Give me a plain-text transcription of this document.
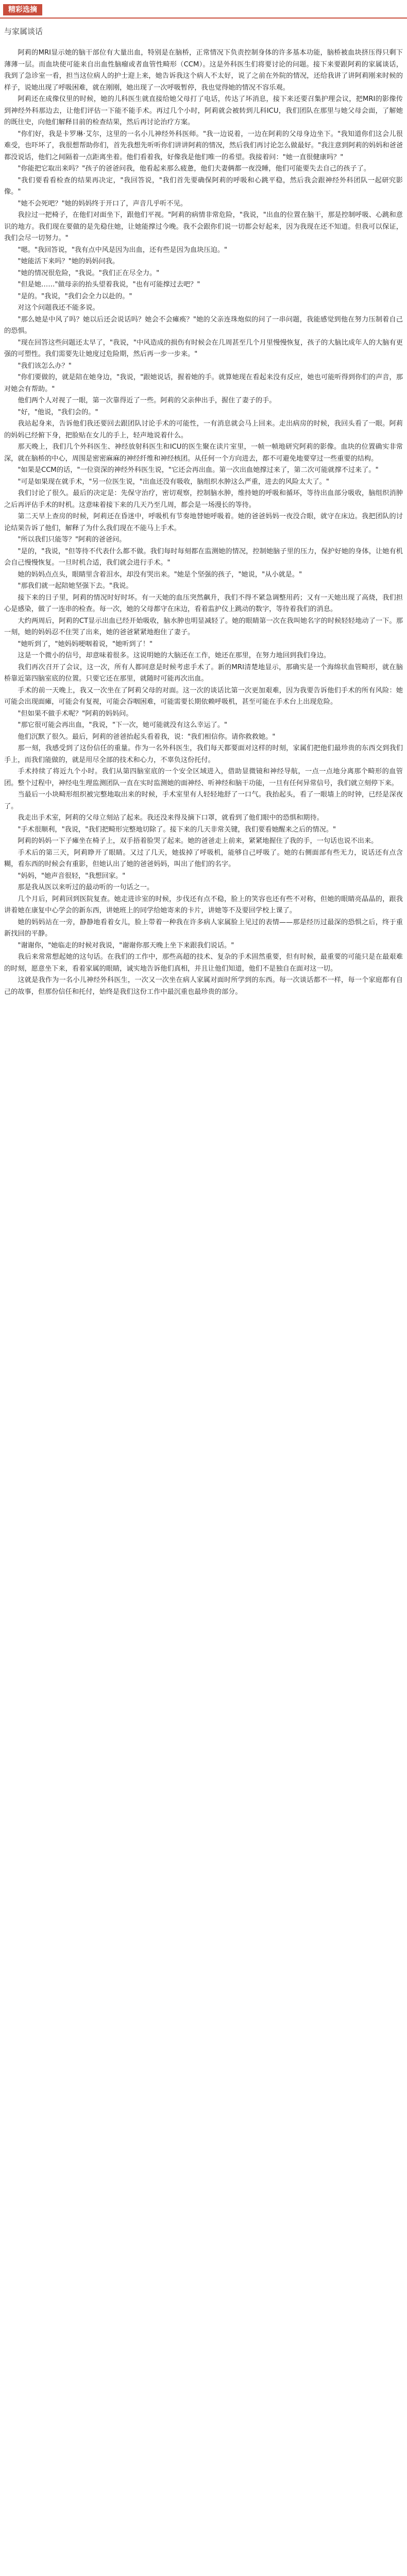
精彩选摘
与家属谈话

阿莉的MRI显示她的脑干部位有大量出血，特别是在脑桥，正常情况下负责控制身体的许多基本功能，脑桥被血块挤压得只剩下薄薄一层。而血块使可能来自出血性脑瘤或者血管性畸形（CCM）。这是外科医生们将要讨论的问题。接下来要跟阿莉的家属谈话，我到了急诊室一看，担当这位病人的护士迎上来，她告诉我这个病人不太好，说了之前在外院的情况，还给我讲了讲阿莉刚来时候的样子，说她出现了呼吸困难，就在刚刚，她出现了一次呼吸暂停，我也觉得她的情况不容乐观。

阿莉还在成像仪里的时候，她的儿科医生就直接给她父母打了电话，传达了坏消息，接下来还要召集护理会议，把MRI的影像传到神经外科那边去，让他们评估一下能不能手术。再过几个小时，阿莉就会被转到儿科ICU，我们团队在那里与她父母会面，了解她的既往史，向他们解释目前的检查结果，然后再讨论治疗方案。

"你们好，我是卡罗琳·艾尔，这里的一名小儿神经外科医师。"我一边说着，一边在阿莉的父母身边坐下。"我知道你们这会儿很难受，也吓坏了，我很想帮助你们，首先我想先听听你们讲讲阿莉的情况，然后我们再讨论怎么做最好。"我注意到阿莉的妈妈和爸爸都没说话，他们之间隔着一点距离坐着。他们看着我，好像我是他们唯一的希望。我接着问："她一直很健康吗？"

"你能把它取出来吗？"孩子的爸爸问我，他看起来那么疲惫，他们夫妻俩都一夜没睡，他们可能要失去自己的孩子了。

"我们要看看检查的结果再决定，"我回答说，"我们首先要确保阿莉的呼吸和心跳平稳，然后我会跟神经外科团队一起研究影像。"

"她不会死吧？"她的妈妈终于开口了，声音几乎听不见。

我拉过一把椅子，在他们对面坐下，跟他们平视。"阿莉的病情非常危险，"我说，"出血的位置在脑干，那是控制呼吸、心跳和意识的地方。我们现在要做的是先稳住她，让她能撑过今晚。我不会跟你们说一切都会好起来，因为我现在还不知道。但我可以保证，我们会尽一切努力。"

"嗯。"我回答说，"我有点中风是因为出血，还有些是因为血块压迫。"

"她能活下来吗？"她的妈妈问我。

"她的情况很危险，"我说。"我们正在尽全力。"

"但是她……"做母亲的抬头望着我说，"也有可能撑过去吧？"

"是的。"我说，"我们会全力以赴的。"

对这个问题我还不能多说。

"那么她是中风了吗？她以后还会说话吗？她会不会瘫痪？"她的父亲连珠炮似的问了一串问题，我能感觉到他在努力压制着自己的恐惧。

"现在回答这些问题还太早了，"我说，"中风造成的损伤有时候会在几周甚至几个月里慢慢恢复，孩子的大脑比成年人的大脑有更强的可塑性。我们需要先让她度过危险期，然后再一步一步来。"

"我们该怎么办？"

"你们要做的，就是陪在她身边，"我说，"跟她说话，握着她的手。就算她现在看起来没有反应，她也可能听得到你们的声音，那对她会有帮助。"

他们两个人对视了一眼，第一次靠得近了一些。阿莉的父亲伸出手，握住了妻子的手。

"好，"他说，"我们会的。"

我站起身来，告诉他们我还要回去跟团队讨论手术的可能性，一有消息就会马上回来。走出病房的时候，我回头看了一眼。阿莉的妈妈已经俯下身，把脸贴在女儿的手上，轻声地说着什么。

那天晚上，我们几个外科医生、神经放射科医生和ICU的医生聚在读片室里，一帧一帧地研究阿莉的影像。血块的位置确实非常深，就在脑桥的中心，周围是密密麻麻的神经纤维和神经核团。从任何一个方向进去，都不可避免地要穿过一些重要的结构。

"如果是CCM的话，"一位资深的神经外科医生说，"它还会再出血。第一次出血她撑过来了，第二次可能就撑不过来了。"

"可是如果现在就手术，"另一位医生说，"出血还没有吸收，脑组织水肿这么严重，进去的风险太大了。"

我们讨论了很久。最后的决定是：先保守治疗，密切观察，控制脑水肿，维持她的呼吸和循环，等待出血部分吸收，脑组织消肿之后再评估手术的时机。这意味着接下来的几天乃至几周，都会是一场漫长的等待。

第二天早上查房的时候，阿莉还在昏迷中，呼吸机有节奏地替她呼吸着。她的爸爸妈妈一夜没合眼，就守在床边。我把团队的讨论结果告诉了他们，解释了为什么我们现在不能马上手术。

"所以我们只能等？"阿莉的爸爸问。

"是的，"我说，"但等待不代表什么都不做。我们每时每刻都在监测她的情况，控制她脑子里的压力，保护好她的身体，让她有机会自己慢慢恢复。一旦时机合适，我们就会进行手术。"

她的妈妈点点头，眼睛里含着泪水，却没有哭出来。"她是个坚强的孩子，"她说，"从小就是。"

"那我们就一起陪她坚强下去。"我说。

接下来的日子里，阿莉的情况时好时坏。有一天她的血压突然飙升，我们不得不紧急调整用药；又有一天她出现了高烧，我们担心是感染，做了一连串的检查。每一次，她的父母都守在床边，看着监护仪上跳动的数字，等待着我们的消息。

大约两周后，阿莉的CT显示出血已经开始吸收，脑水肿也明显减轻了。她的眼睛第一次在我叫她名字的时候轻轻地动了一下。那一刻，她的妈妈忍不住哭了出来，她的爸爸紧紧地抱住了妻子。

"她听到了，"她妈妈哽咽着说，"她听到了！"

这是一个微小的信号，却意味着很多。这说明她的大脑还在工作，她还在那里，在努力地回到我们身边。

我们再次召开了会议，这一次，所有人都同意是时候考虑手术了。新的MRI清楚地显示，那确实是一个海绵状血管畸形，就在脑桥靠近第四脑室底的位置。只要它还在那里，就随时可能再次出血。

手术的前一天晚上，我又一次坐在了阿莉父母的对面。这一次的谈话比第一次更加艰难，因为我要告诉他们手术的所有风险：她可能会出现面瘫，可能会有复视，可能会吞咽困难，可能需要长期依赖呼吸机，甚至可能在手术台上出现危险。

"但如果不做手术呢？"阿莉的妈妈问。

"那它很可能会再出血，"我说，"下一次，她可能就没有这么幸运了。"

他们沉默了很久。最后，阿莉的爸爸抬起头看着我，说："我们相信你。请你救救她。"

那一刻，我感受到了这份信任的重量。作为一名外科医生，我们每天都要面对这样的时刻，家属们把他们最珍贵的东西交到我们手上，而我们能做的，就是用尽全部的技术和心力，不辜负这份托付。

手术持续了将近九个小时。我们从第四脑室底的一个安全区域进入，借助显微镜和神经导航，一点一点地分离那个畸形的血管团。整个过程中，神经电生理监测团队一直在实时监测她的面神经、听神经和脑干功能，一旦有任何异常信号，我们就立刻停下来。

当最后一小块畸形组织被完整地取出来的时候，手术室里有人轻轻地舒了一口气。我抬起头，看了一眼墙上的时钟，已经是深夜了。

我走出手术室，阿莉的父母立刻站了起来。我还没来得及摘下口罩，就看到了他们眼中的恐惧和期待。

"手术很顺利，"我说，"我们把畸形完整地切除了。接下来的几天非常关键，我们要看她醒来之后的情况。"

阿莉的妈妈一下子瘫坐在椅子上，双手捂着脸哭了起来。她的爸爸走上前来，紧紧地握住了我的手，一句话也说不出来。

手术后的第三天，阿莉睁开了眼睛。又过了几天，她拔掉了呼吸机，能够自己呼吸了。她的右侧面部有些无力，说话还有点含糊，看东西的时候会有重影，但她认出了她的爸爸妈妈，叫出了他们的名字。

"妈妈，"她声音很轻，"我想回家。"

那是我从医以来听过的最动听的一句话之一。

几个月后，阿莉回到医院复查。她走进诊室的时候，步伐还有点不稳，脸上的笑容也还有些不对称，但她的眼睛亮晶晶的，跟我讲着她在康复中心学会的新东西，讲她班上的同学给她寄来的卡片，讲她等不及要回学校上课了。

她的妈妈站在一旁，静静地看着女儿，脸上带着一种我在许多病人家属脸上见过的表情——那是经历过最深的恐惧之后，终于重新找回的平静。

"谢谢你，"她临走的时候对我说，"谢谢你那天晚上坐下来跟我们说话。"

我后来常常想起她的这句话。在我们的工作中，那些高超的技术、复杂的手术固然重要，但有时候，最重要的可能只是在最艰难的时刻，愿意坐下来，看着家属的眼睛，诚实地告诉他们真相，并且让他们知道，他们不是独自在面对这一切。

这就是我作为一名小儿神经外科医生，一次又一次坐在病人家属对面时所学到的东西。每一次谈话都不一样，每一个家庭都有自己的故事，但那份信任和托付，始终是我们这份工作中最沉重也最珍贵的部分。
